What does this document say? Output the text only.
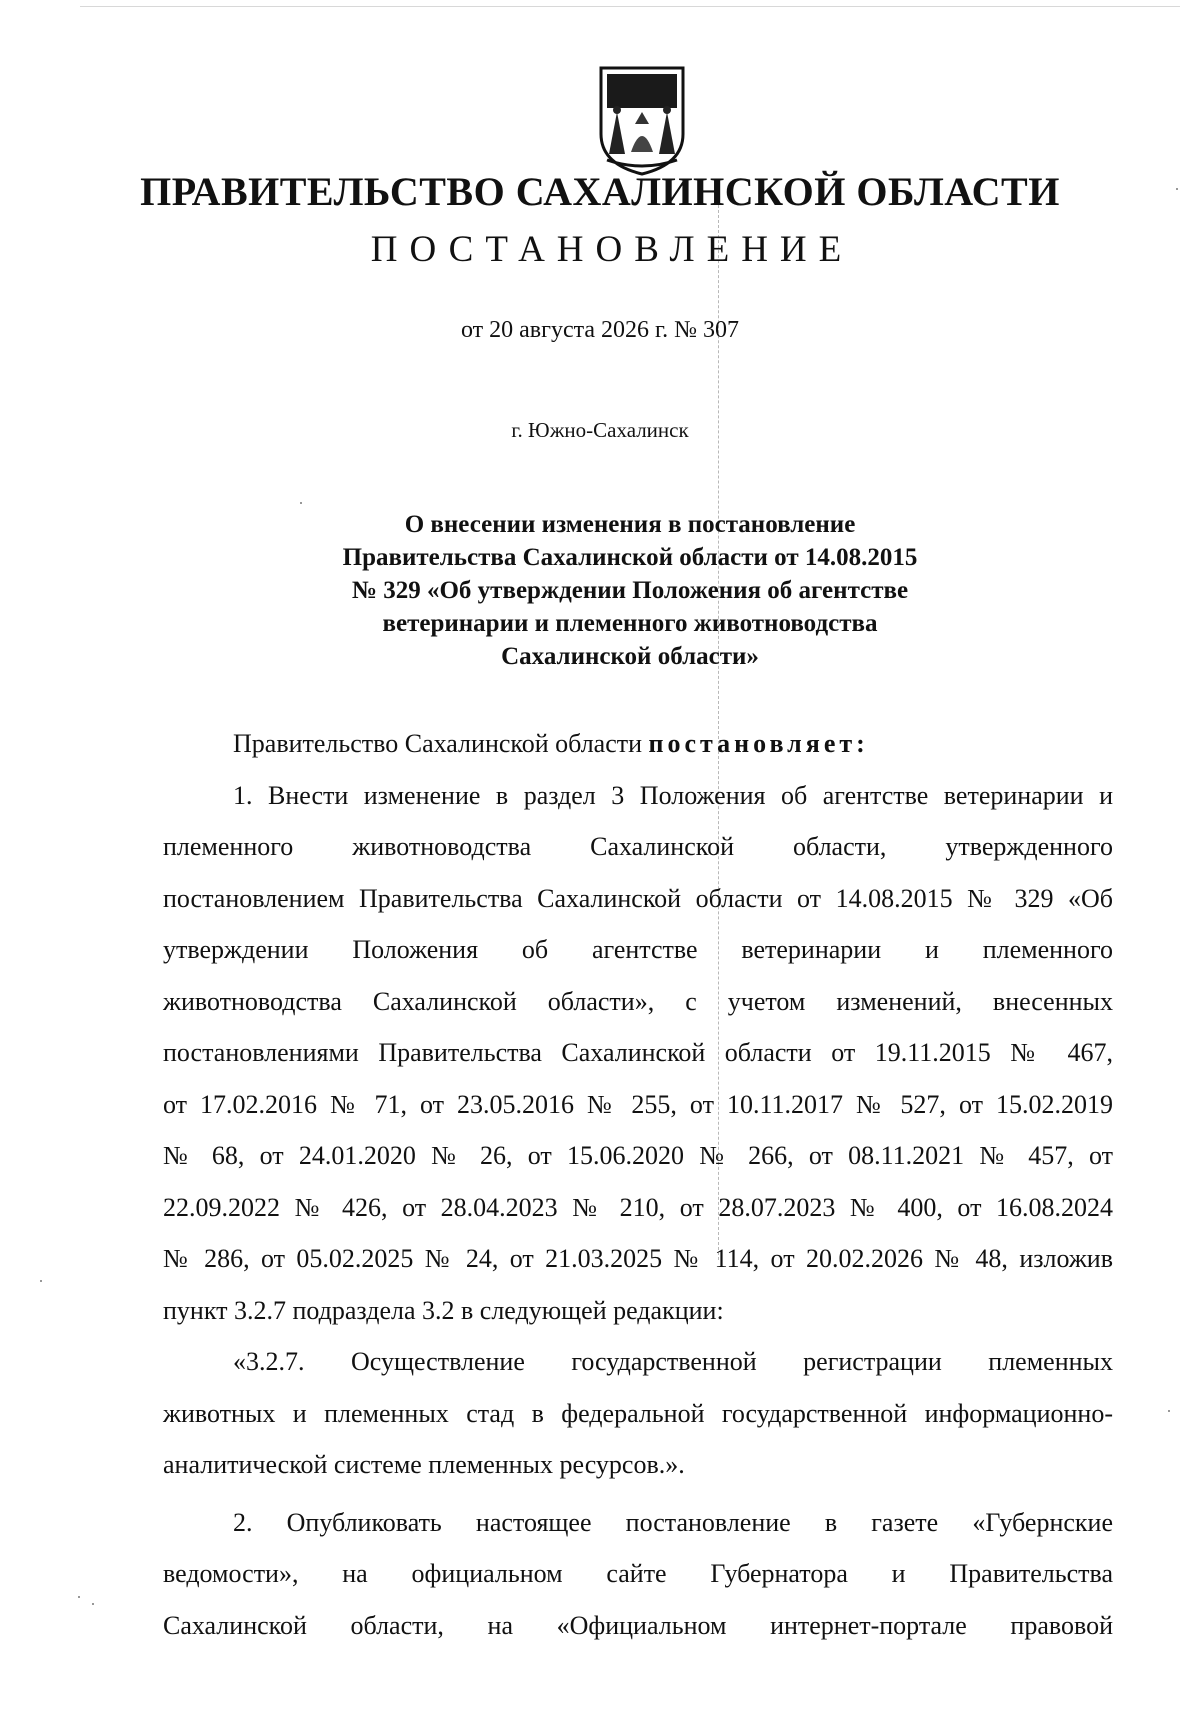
ПРАВИТЕЛЬСТВО САХАЛИНСКОЙ ОБЛАСТИ
ПОСТАНОВЛЕНИЕ
от 20 августа 2026 г. № 307
г. Южно-Сахалинск
О внесении изменения в постановление
Правительства Сахалинской области от 14.08.2015
№ 329 «Об утверждении Положения об агентстве
ветеринарии и племенного животноводства
Сахалинской области»
Правительство Сахалинской области постановляет:
1. Внести изменение в раздел 3 Положения об агентстве ветеринарии и
племенного животноводства Сахалинской области, утвержденного
постановлением Правительства Сахалинской области от 14.08.2015 № 329 «Об
утверждении Положения об агентстве ветеринарии и племенного
животноводства Сахалинской области», с учетом изменений, внесенных
постановлениями Правительства Сахалинской области от 19.11.2015 № 467,
от 17.02.2016 № 71, от 23.05.2016 № 255, от 10.11.2017 № 527, от 15.02.2019
№ 68, от 24.01.2020 № 26, от 15.06.2020 № 266, от 08.11.2021 № 457, от
22.09.2022 № 426, от 28.04.2023 № 210, от 28.07.2023 № 400, от 16.08.2024
№ 286, от 05.02.2025 № 24, от 21.03.2025 № 114, от 20.02.2026 № 48, изложив
пункт 3.2.7 подраздела 3.2 в следующей редакции:
«3.2.7. Осуществление государственной регистрации племенных
животных и племенных стад в федеральной государственной информационно-
аналитической системе племенных ресурсов.».
2. Опубликовать настоящее постановление в газете «Губернские
ведомости», на официальном сайте Губернатора и Правительства
Сахалинской области, на «Официальном интернет-портале правовой
